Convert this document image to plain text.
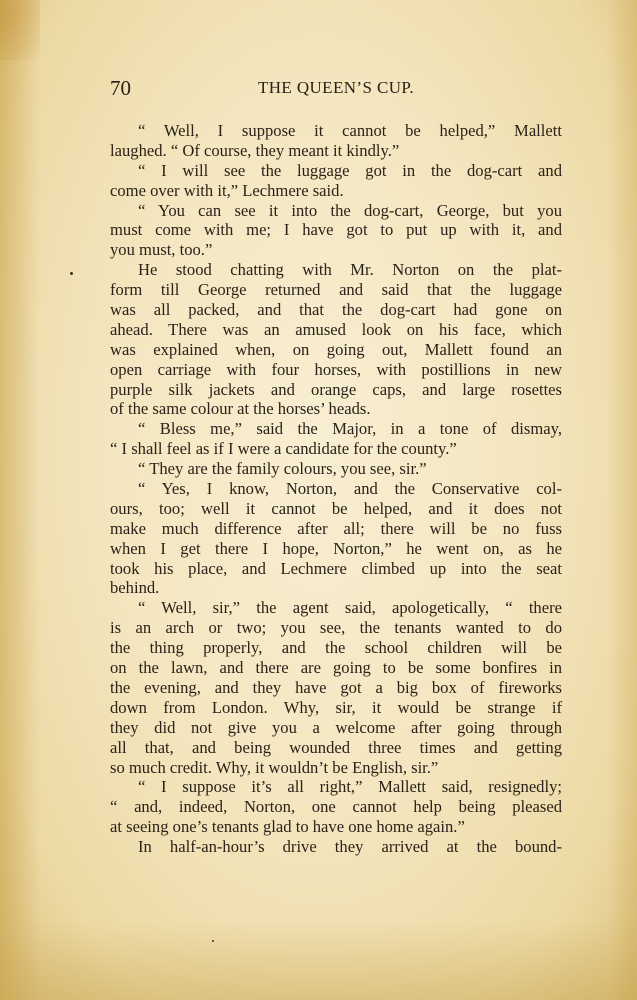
70	THE QUEEN’S CUP.
“ Well, I suppose it cannot be helped,” Mallett
laughed. “ Of course, they meant it kindly.”
“ I will see the luggage got in the dog-cart and
come over with it,” Lechmere said.
“ You can see it into the dog-cart, George, but you
must come with me; I have got to put up with it, and
you must, too.”
He stood chatting with Mr. Norton on the plat-
form till George returned and said that the luggage
was all packed, and that the dog-cart had gone on
ahead. There was an amused look on his face, which
was explained when, on going out, Mallett found an
open carriage with four horses, with postillions in new
purple silk jackets and orange caps, and large rosettes
of the same colour at the horses’ heads.
“ Bless me,” said the Major, in a tone of dismay,
“ I shall feel as if I were a candidate for the county.”
“ They are the family colours, you see, sir.”
“ Yes, I know, Norton, and the Conservative col-
ours, too; well it cannot be helped, and it does not
make much difference after all; there will be no fuss
when I get there I hope, Norton,” he went on, as he
took his place, and Lechmere climbed up into the seat
behind.
“ Well, sir,” the agent said, apologetically, “ there
is an arch or two; you see, the tenants wanted to do
the thing properly, and the school children will be
on the lawn, and there are going to be some bonfires in
the evening, and they have got a big box of fireworks
down from London. Why, sir, it would be strange if
they did not give you a welcome after going through
all that, and being wounded three times and getting
so much credit. Why, it wouldn’t be English, sir.”
“ I suppose it’s all right,” Mallett said, resignedly;
“ and, indeed, Norton, one cannot help being pleased
at seeing one’s tenants glad to have one home again.”
In half-an-hour’s drive they arrived at the bound-
